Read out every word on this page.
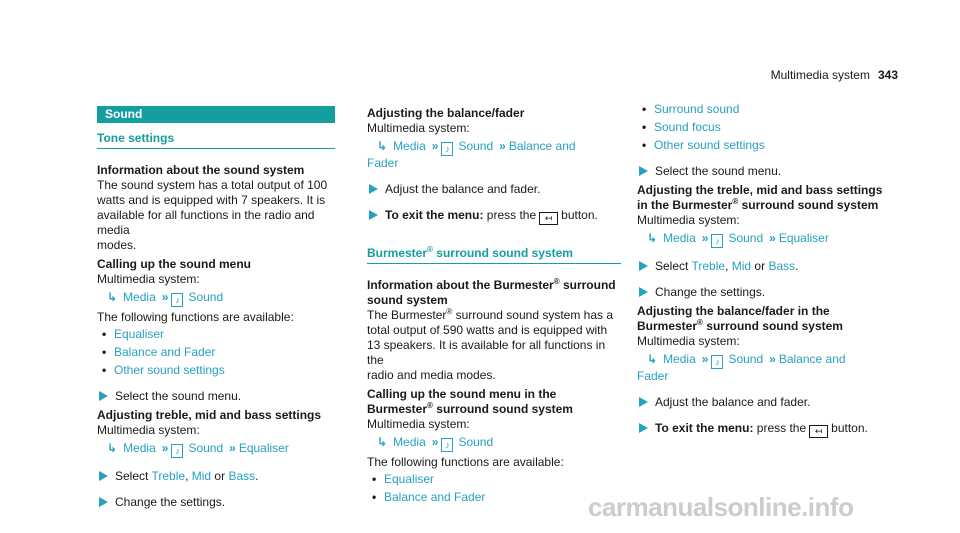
Multimedia system 343
Sound
Tone settings

Information about the sound system

The sound system has a total output of 100

watts and is equipped with 7 speakers. It is

available for all functions in the radio and media

modes.

Calling up the sound menu

Multimedia system:

↳ Media » ♪ Sound

The following functions are available:

• Equaliser
• Balance and Fader
• Other sound settings

Select the sound menu.

Adjusting treble, mid and bass settings

Multimedia system:

↳ Media » ♪ Sound » Equaliser

Select Treble, Mid or Bass.

Change the settings.

Adjusting the balance/fader

Multimedia system:

↳ Media » ♪ Sound » Balance and

Fader

Adjust the balance and fader.

To exit the menu: press the ↤ button.

Burmester® surround sound system

Information about the Burmester® surround

sound system

The Burmester® surround sound system has a

total output of 590 watts and is equipped with

13 speakers. It is available for all functions in the

radio and media modes.

Calling up the sound menu in the

Burmester® surround sound system

Multimedia system:

↳ Media » ♪ Sound

The following functions are available:

• Equaliser
• Balance and Fader
• Surround sound
• Sound focus
• Other sound settings

Select the sound menu.

Adjusting the treble, mid and bass settings

in the Burmester® surround sound system

Multimedia system:

↳ Media » ♪ Sound » Equaliser

Select Treble, Mid or Bass.

Change the settings.

Adjusting the balance/fader in the

Burmester® surround sound system

Multimedia system:

↳ Media » ♪ Sound » Balance and

Fader

Adjust the balance and fader.

To exit the menu: press the ↤ button.

carmanualsonline.info
